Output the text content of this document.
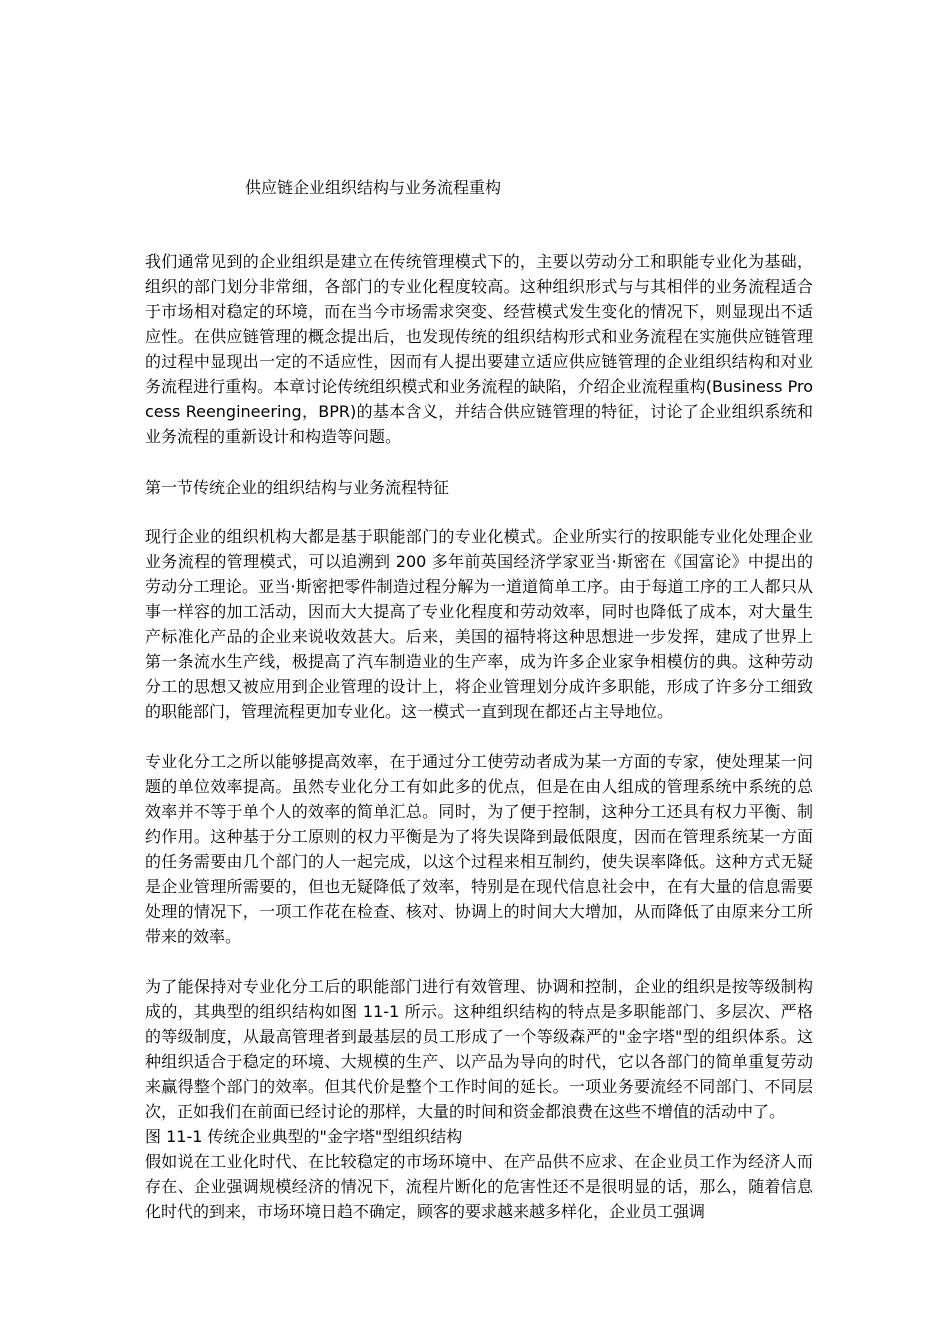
供应链企业组织结构与业务流程重构

我们通常见到的企业组织是建立在传统管理模式下的，主要以劳动分工和职能专业化为基础，组织的部门划分非常细，各部门的专业化程度较高。这种组织形式与与其相伴的业务流程适合于市场相对稳定的环境，而在当今市场需求突变、经营模式发生变化的情况下，则显现出不适应性。在供应链管理的概念提出后，也发现传统的组织结构形式和业务流程在实施供应链管理的过程中显现出一定的不适应性，因而有人提出要建立适应供应链管理的企业组织结构和对业务流程进行重构。本章讨论传统组织模式和业务流程的缺陷，介绍企业流程重构(Business Process Reengineering，BPR)的基本含义，并结合供应链管理的特征，讨论了企业组织系统和业务流程的重新设计和构造等问题。

第一节传统企业的组织结构与业务流程特征

现行企业的组织机构大都是基于职能部门的专业化模式。企业所实行的按职能专业化处理企业业务流程的管理模式，可以追溯到 200 多年前英国经济学家亚当·斯密在《国富论》中提出的劳动分工理论。亚当·斯密把零件制造过程分解为一道道简单工序。由于每道工序的工人都只从事一样容的加工活动，因而大大提高了专业化程度和劳动效率，同时也降低了成本，对大量生产标准化产品的企业来说收效甚大。后来，美国的福特将这种思想进一步发挥，建成了世界上第一条流水生产线，极提高了汽车制造业的生产率，成为许多企业家争相模仿的典。这种劳动分工的思想又被应用到企业管理的设计上，将企业管理划分成许多职能，形成了许多分工细致的职能部门，管理流程更加专业化。这一模式一直到现在都还占主导地位。

专业化分工之所以能够提高效率，在于通过分工使劳动者成为某一方面的专家，使处理某一问题的单位效率提高。虽然专业化分工有如此多的优点，但是在由人组成的管理系统中系统的总效率并不等于单个人的效率的简单汇总。同时，为了便于控制，这种分工还具有权力平衡、制约作用。这种基于分工原则的权力平衡是为了将失误降到最低限度，因而在管理系统某一方面的任务需要由几个部门的人一起完成，以这个过程来相互制约，使失误率降低。这种方式无疑是企业管理所需要的，但也无疑降低了效率，特别是在现代信息社会中，在有大量的信息需要处理的情况下，一项工作花在检查、核对、协调上的时间大大增加，从而降低了由原来分工所带来的效率。

为了能保持对专业化分工后的职能部门进行有效管理、协调和控制，企业的组织是按等级制构成的，其典型的组织结构如图 11-1 所示。这种组织结构的特点是多职能部门、多层次、严格的等级制度，从最高管理者到最基层的员工形成了一个等级森严的"金字塔"型的组织体系。这种组织适合于稳定的环境、大规模的生产、以产品为导向的时代，它以各部门的简单重复劳动来赢得整个部门的效率。但其代价是整个工作时间的延长。一项业务要流经不同部门、不同层次，正如我们在前面已经讨论的那样，大量的时间和资金都浪费在这些不增值的活动中了。

图 11-1 传统企业典型的"金字塔"型组织结构

假如说在工业化时代、在比较稳定的市场环境中、在产品供不应求、在企业员工作为经济人而存在、企业强调规模经济的情况下，流程片断化的危害性还不是很明显的话，那么，随着信息化时代的到来，市场环境日趋不确定，顾客的要求越来越多样化，企业员工强调
